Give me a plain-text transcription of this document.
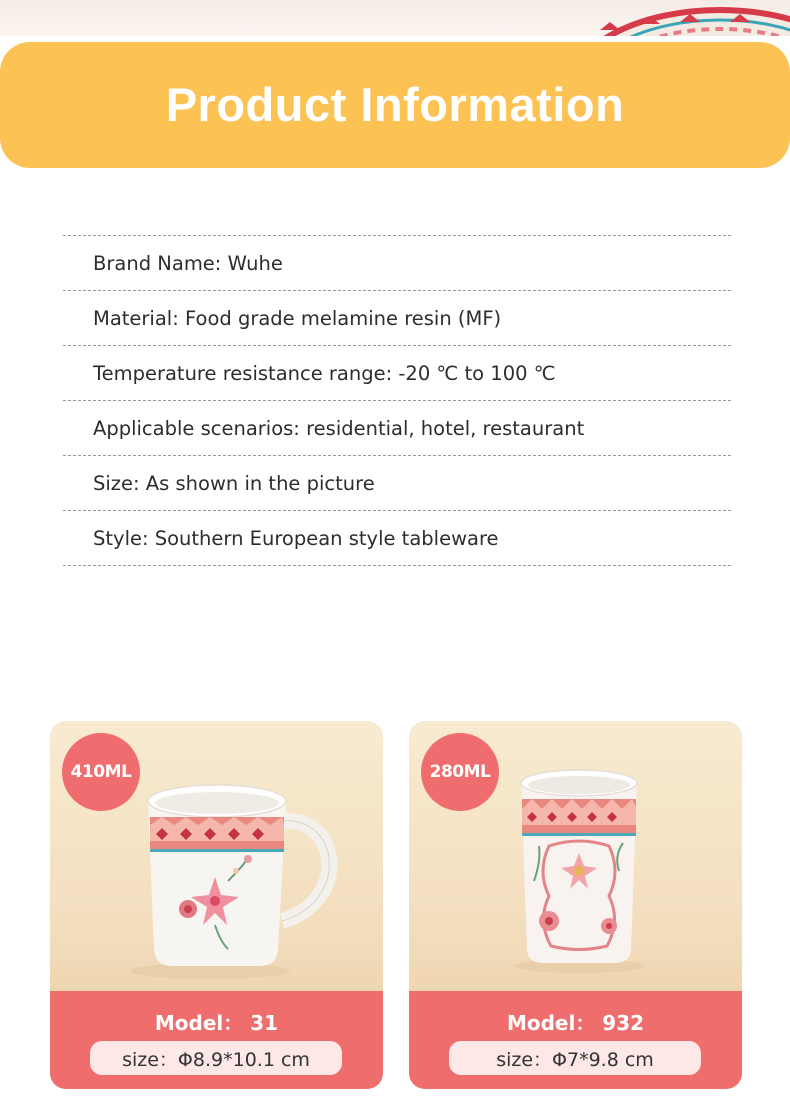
Product Information
Brand Name: Wuhe
Material: Food grade melamine resin (MF)
Temperature resistance range: -20 ℃ to 100 ℃
Applicable scenarios: residential, hotel, restaurant
Size: As shown in the picture
Style: Southern European style tableware
410ML
Model： 31
size：Φ8.9*10.1 cm
280ML
Model： 932
size：Φ7*9.8 cm
